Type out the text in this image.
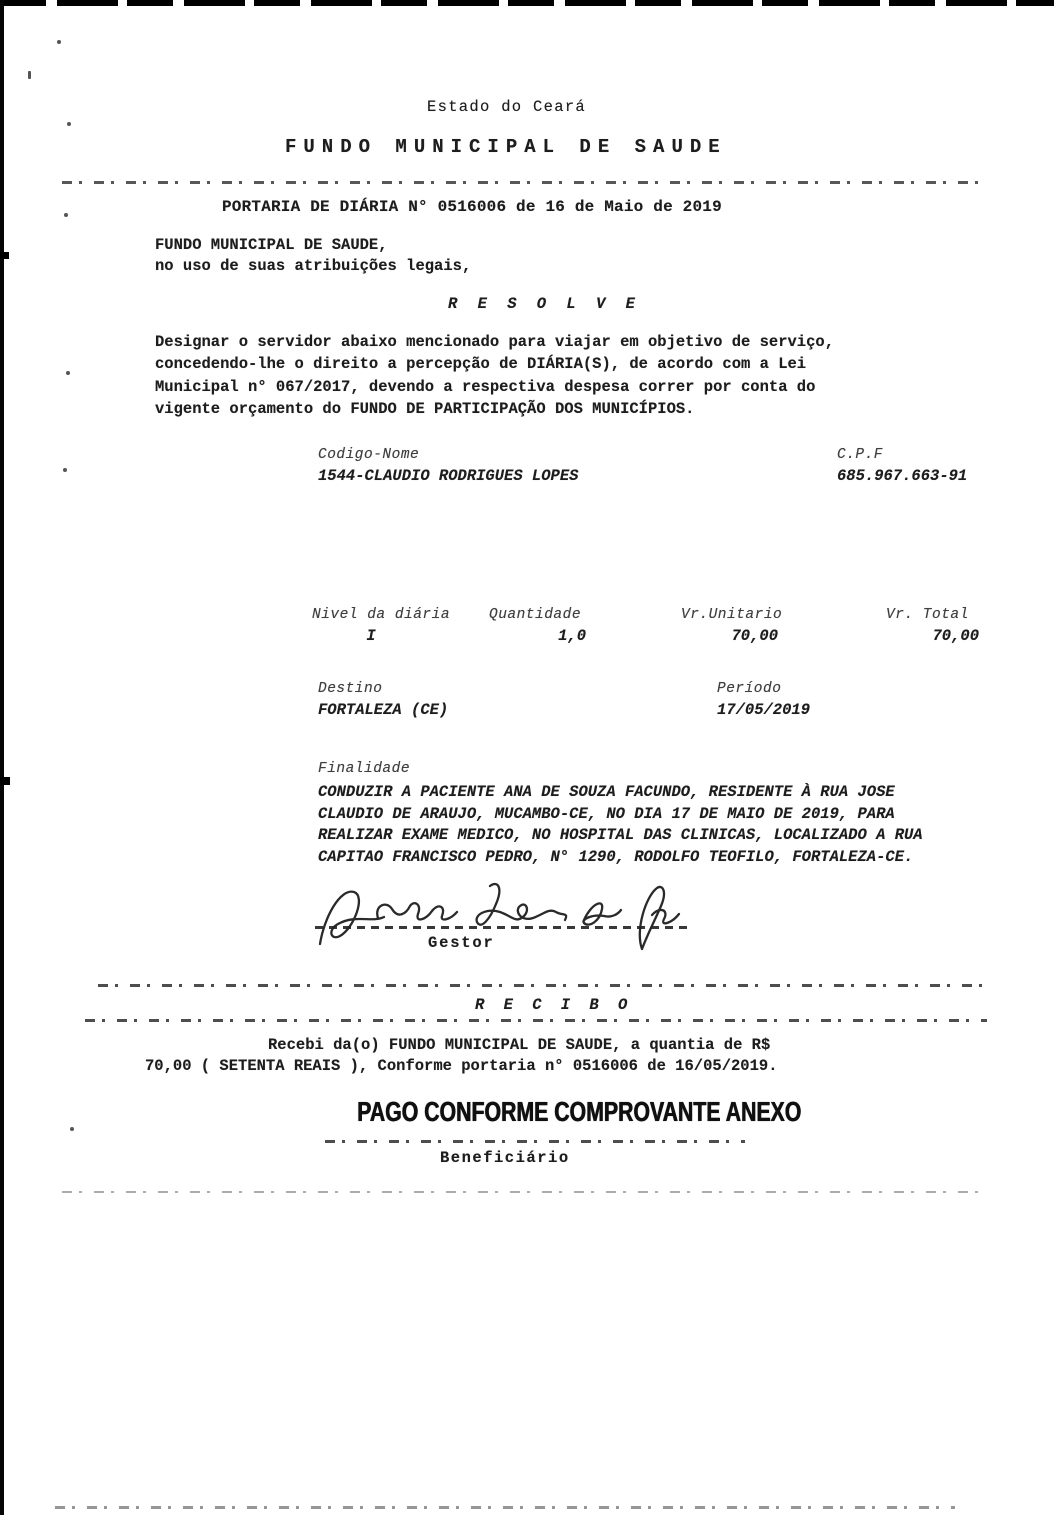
Estado do Ceará
FUNDO MUNICIPAL DE SAUDE
PORTARIA DE DIÁRIA N° 0516006 de 16 de Maio de 2019
FUNDO MUNICIPAL DE SAUDE,
no uso de suas atribuições legais,
R E S O L V E
Designar o servidor abaixo mencionado para viajar em objetivo de serviço, concedendo-lhe o direito a percepção de DIÁRIA(S), de acordo com a Lei Municipal n° 067/2017, devendo a respectiva despesa correr por conta do vigente orçamento do FUNDO DE PARTICIPAÇÃO DOS MUNICÍPIOS.
Codigo-Nome
1544-CLAUDIO RODRIGUES LOPES
C.P.F
685.967.663-91
Nivel da diária
I
Quantidade
1,0
Vr.Unitario
70,00
Vr. Total
70,00
Destino
FORTALEZA (CE)
Período
17/05/2019
Finalidade
CONDUZIR A PACIENTE ANA DE SOUZA FACUNDO, RESIDENTE À RUA JOSE CLAUDIO DE ARAUJO, MUCAMBO-CE, NO DIA 17 DE MAIO DE 2019, PARA REALIZAR EXAME MEDICO, NO HOSPITAL DAS CLINICAS, LOCALIZADO A RUA CAPITAO FRANCISCO PEDRO, N° 1290, RODOLFO TEOFILO, FORTALEZA-CE.
Gestor
R E C I B O
Recebi da(o) FUNDO MUNICIPAL DE SAUDE, a quantia de R$
70,00 ( SETENTA REAIS ), Conforme portaria n° 0516006 de 16/05/2019.
PAGO CONFORME COMPROVANTE ANEXO
Beneficiário
